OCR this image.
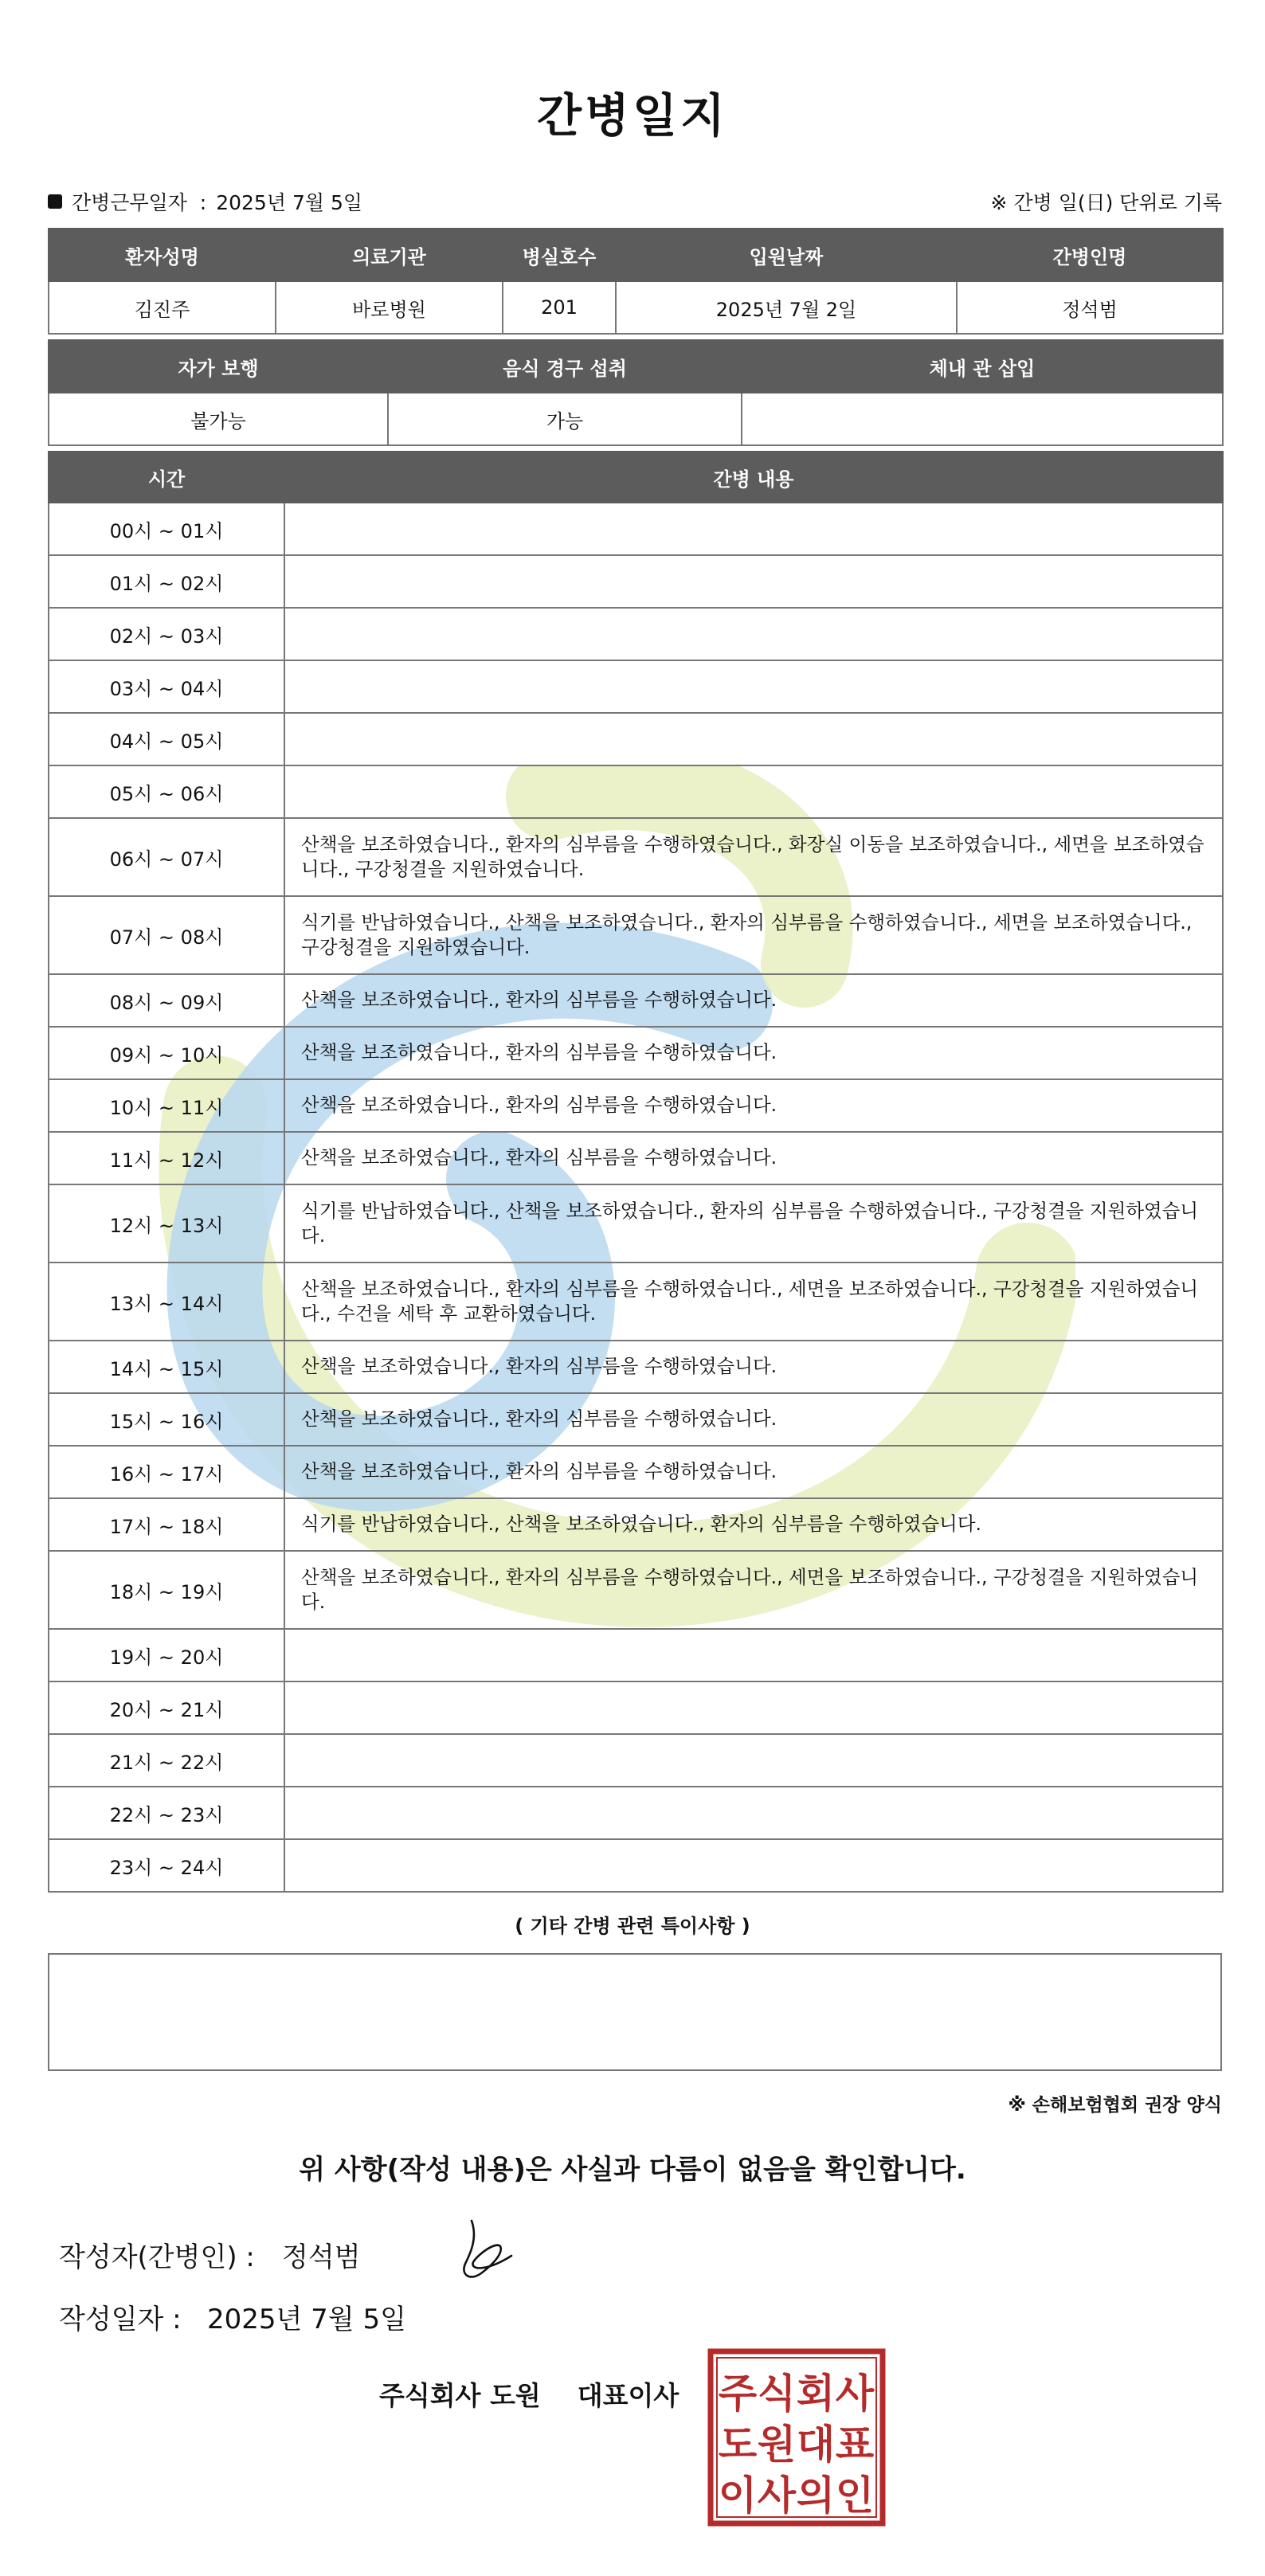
간병일지
간병근무일자  : 2025년 7월 5일	※ 간병 일(日) 단위로 기록
환자성명	의료기관	병실호수	입원날짜	간병인명
김진주	바로병원	201	2025년 7월 2일	정석범
자가 보행	음식 경구 섭취	체내 관 삽입
불가능	가능	
시간	간병 내용
00시 ~ 01시	
01시 ~ 02시	
02시 ~ 03시	
03시 ~ 04시	
04시 ~ 05시	
05시 ~ 06시	
06시 ~ 07시	산책을 보조하였습니다., 환자의 심부름을 수행하였습니다., 화장실 이동을 보조하였습니다., 세면을 보조하였습니다., 구강청결을 지원하였습니다.
07시 ~ 08시	식기를 반납하였습니다., 산책을 보조하였습니다., 환자의 심부름을 수행하였습니다., 세면을 보조하였습니다., 구강청결을 지원하였습니다.
08시 ~ 09시	산책을 보조하였습니다., 환자의 심부름을 수행하였습니다.
09시 ~ 10시	산책을 보조하였습니다., 환자의 심부름을 수행하였습니다.
10시 ~ 11시	산책을 보조하였습니다., 환자의 심부름을 수행하였습니다.
11시 ~ 12시	산책을 보조하였습니다., 환자의 심부름을 수행하였습니다.
12시 ~ 13시	식기를 반납하였습니다., 산책을 보조하였습니다., 환자의 심부름을 수행하였습니다., 구강청결을 지원하였습니다.
13시 ~ 14시	산책을 보조하였습니다., 환자의 심부름을 수행하였습니다., 세면을 보조하였습니다., 구강청결을 지원하였습니다., 수건을 세탁 후 교환하였습니다.
14시 ~ 15시	산책을 보조하였습니다., 환자의 심부름을 수행하였습니다.
15시 ~ 16시	산책을 보조하였습니다., 환자의 심부름을 수행하였습니다.
16시 ~ 17시	산책을 보조하였습니다., 환자의 심부름을 수행하였습니다.
17시 ~ 18시	식기를 반납하였습니다., 산책을 보조하였습니다., 환자의 심부름을 수행하였습니다.
18시 ~ 19시	산책을 보조하였습니다., 환자의 심부름을 수행하였습니다., 세면을 보조하였습니다., 구강청결을 지원하였습니다.
19시 ~ 20시	
20시 ~ 21시	
21시 ~ 22시	
22시 ~ 23시	
23시 ~ 24시	
( 기타 간병 관련 특이사항 )
※ 손해보험협회 권장 양식
위 사항(작성 내용)은 사실과 다름이 없음을 확인합니다.
작성자(간병인) :	정석범
작성일자 : 2025년 7월 5일
주식회사 도원 대표이사 주 식 회 사
도 원 대 표
이 사 의 인
